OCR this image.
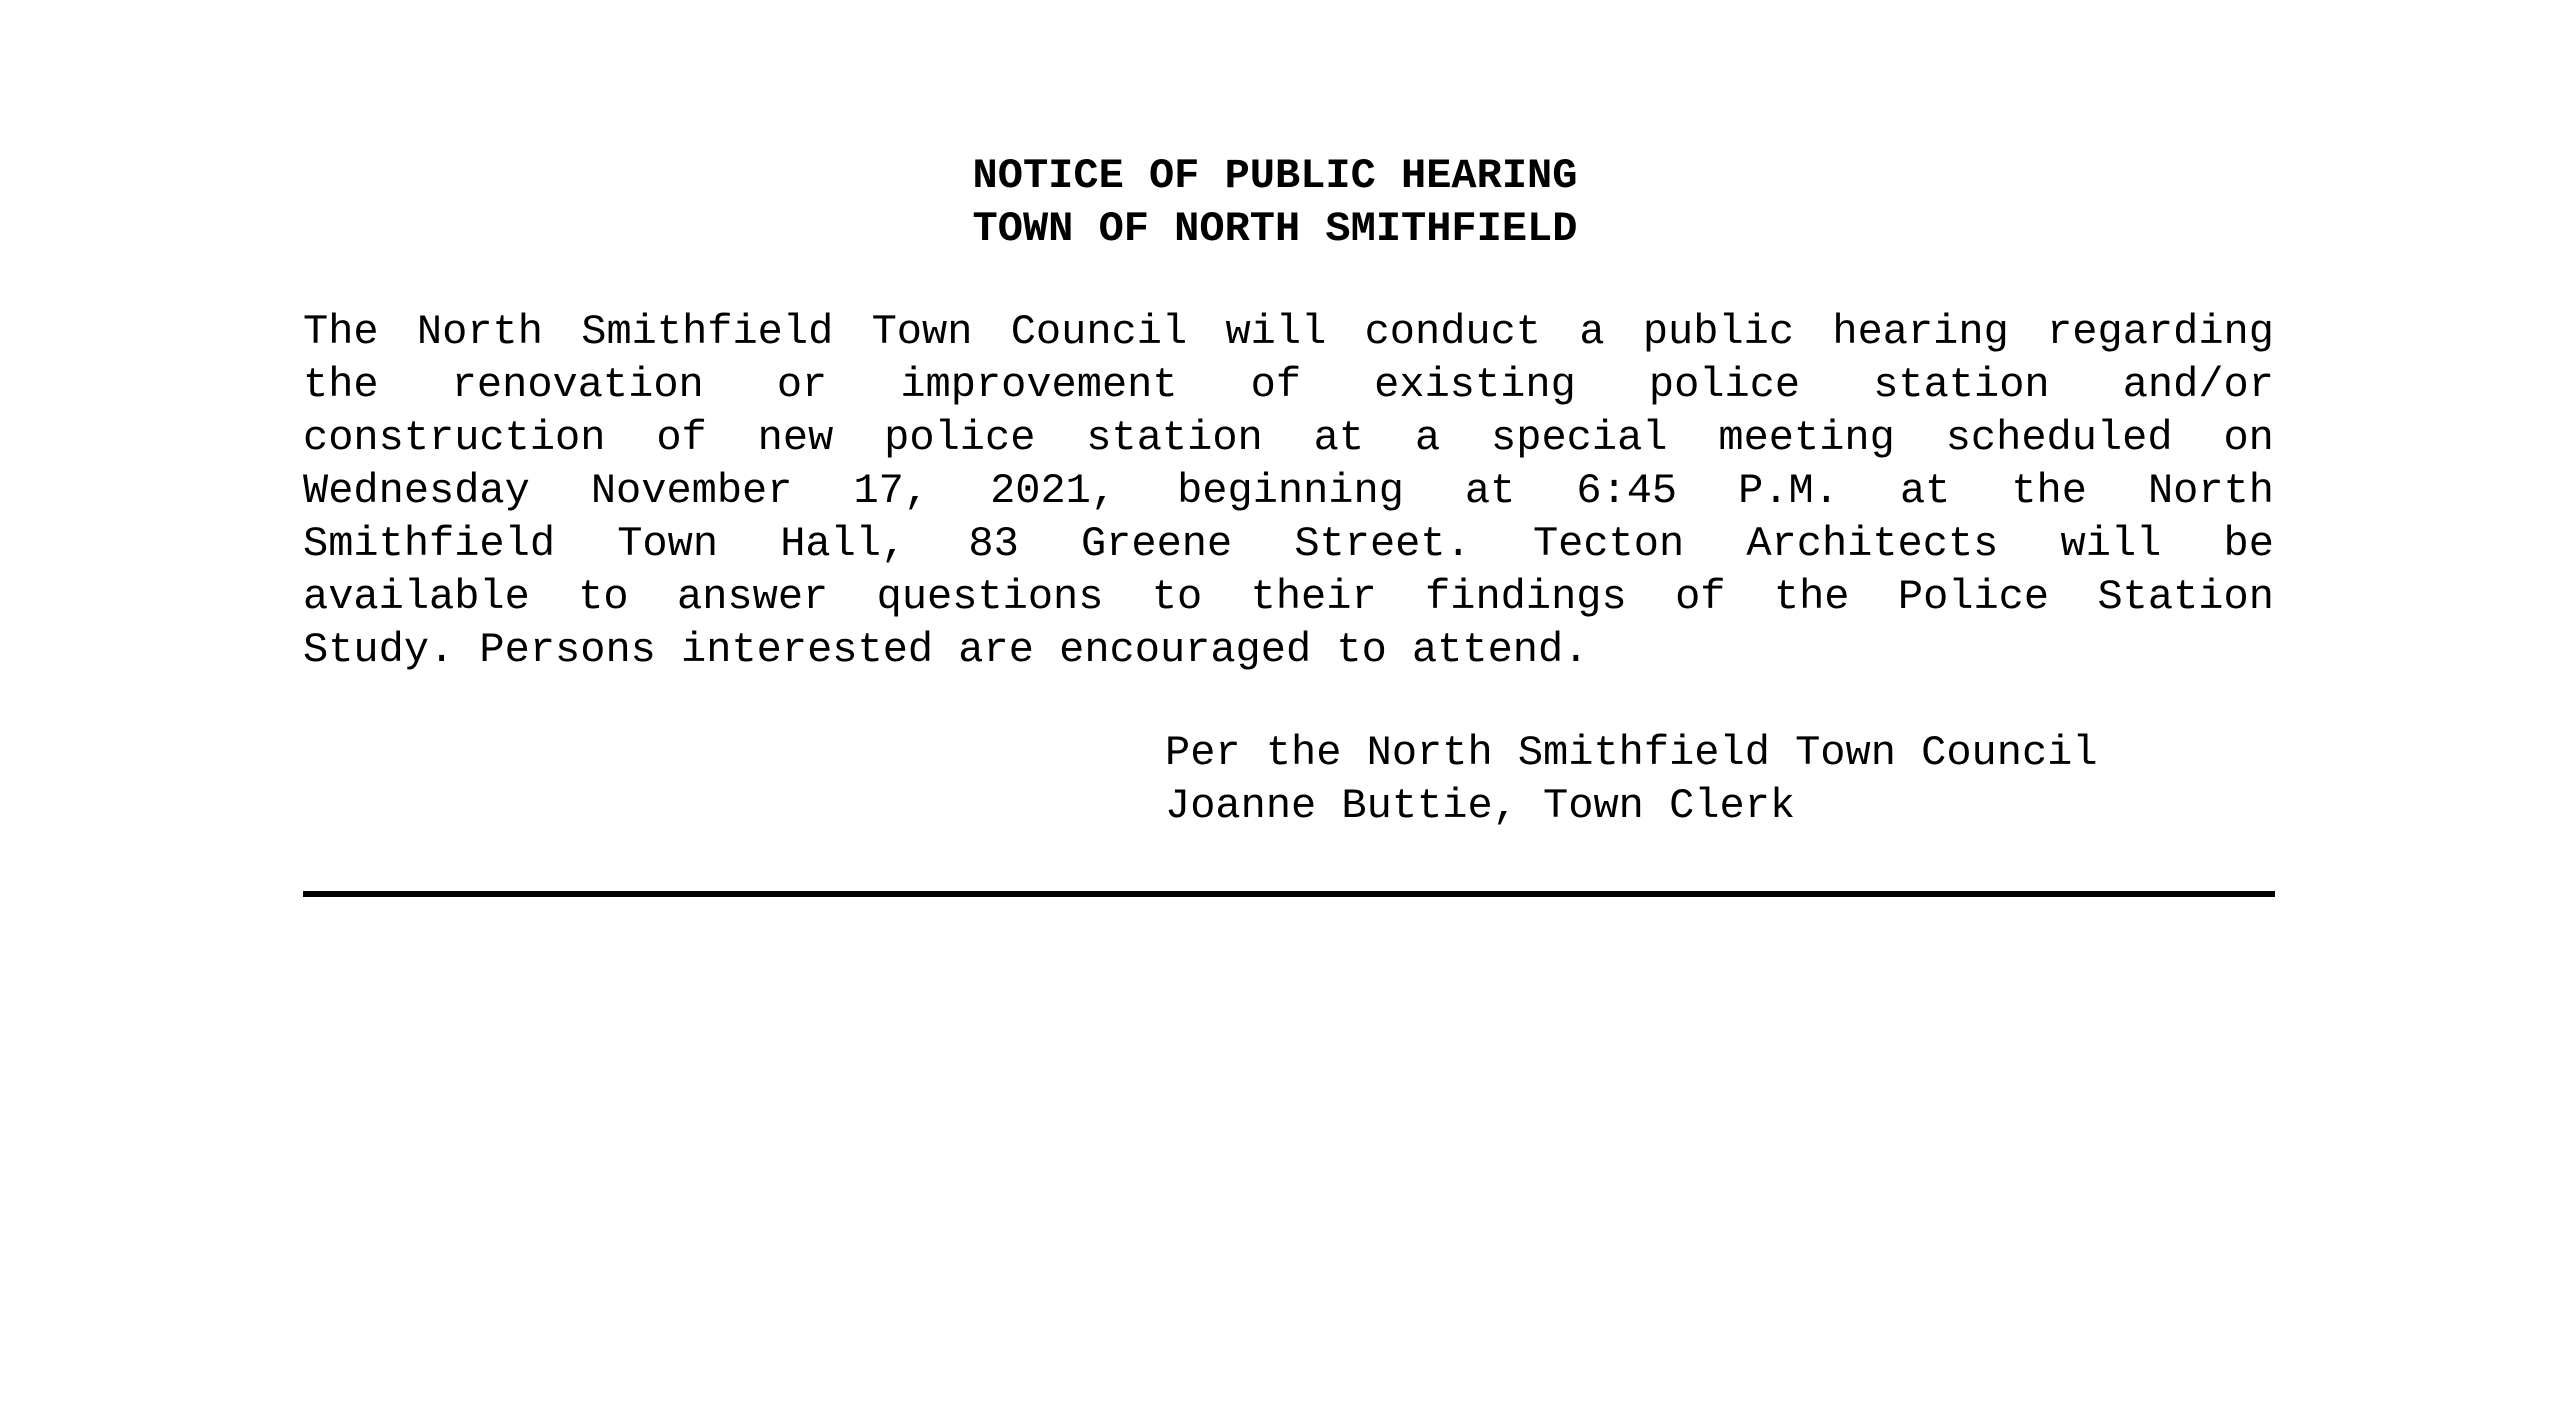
NOTICE OF PUBLIC HEARING
TOWN OF NORTH SMITHFIELD
The North Smithfield Town Council will conduct a public hearing regarding
the renovation or improvement of existing police station and/or
construction of new police station at a special meeting scheduled on
Wednesday November 17, 2021, beginning at 6:45 P.M. at the North
Smithfield Town Hall, 83 Greene Street. Tecton Architects will be
available to answer questions to their findings of the Police Station
Study. Persons interested are encouraged to attend.
Per the North Smithfield Town Council
Joanne Buttie, Town Clerk
